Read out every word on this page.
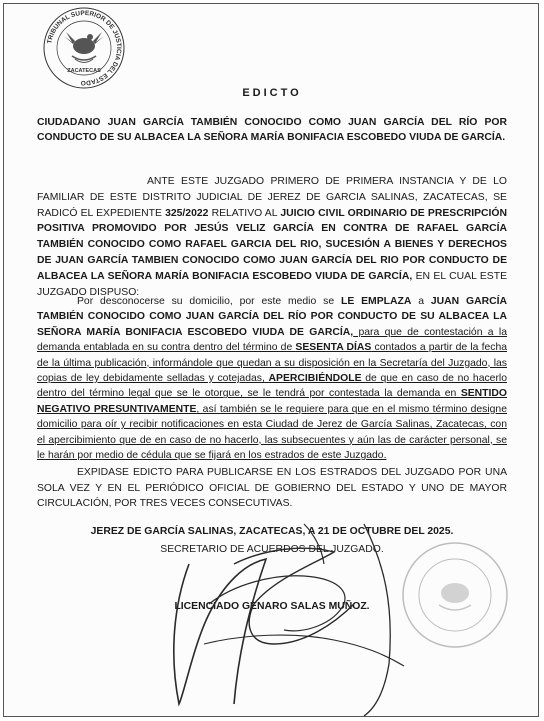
TRIBUNAL SUPERIOR DE JUSTICIA DEL ESTADO
ZACATECAS
EDICTO
CIUDADANO JUAN GARCÍA TAMBIÉN CONOCIDO COMO JUAN GARCÍA DEL RÍO POR CONDUCTO DE SU ALBACEA LA SEÑORA MARÍA BONIFACIA ESCOBEDO VIUDA DE GARCÍA.
ANTE ESTE JUZGADO PRIMERO DE PRIMERA INSTANCIA Y DE LO FAMILIAR DE ESTE DISTRITO JUDICIAL DE JEREZ DE GARCIA SALINAS, ZACATECAS, SE RADICÓ EL EXPEDIENTE 325/2022 RELATIVO AL JUICIO CIVIL ORDINARIO DE PRESCRIPCIÓN POSITIVA PROMOVIDO POR JESÚS VELIZ GARCÍA EN CONTRA DE RAFAEL GARCÍA TAMBIÉN CONOCIDO COMO RAFAEL GARCIA DEL RIO, SUCESIÓN A BIENES Y DERECHOS DE JUAN GARCÍA TAMBIEN CONOCIDO COMO JUAN GARCÍA DEL RIO POR CONDUCTO DE ALBACEA LA SEÑORA MARÍA BONIFACIA ESCOBEDO VIUDA DE GARCÍA, EN EL CUAL ESTE JUZGADO DISPUSO:
Por desconocerse su domicilio, por este medio se LE EMPLAZA a JUAN GARCÍA TAMBIÉN CONOCIDO COMO JUAN GARCÍA DEL RÍO POR CONDUCTO DE SU ALBACEA LA SEÑORA MARÍA BONIFACIA ESCOBEDO VIUDA DE GARCÍA, para que de contestación a la demanda entablada en su contra dentro del término de SESENTA DÍAS contados a partir de la fecha de la última publicación, informándole que quedan a su disposición en la Secretaría del Juzgado, las copias de ley debidamente selladas y cotejadas, APERCIBIÉNDOLE de que en caso de no hacerlo dentro del término legal que se le otorgue, se le tendrá por contestada la demanda en SENTIDO NEGATIVO PRESUNTIVAMENTE, así también se le requiere para que en el mismo término designe domicilio para oír y recibir notificaciones en esta Ciudad de Jerez de García Salinas, Zacatecas, con el apercibimiento que de en caso de no hacerlo, las subsecuentes y aún las de carácter personal, se le harán por medio de cédula que se fijará en los estrados de este Juzgado.
EXPIDASE EDICTO PARA PUBLICARSE EN LOS ESTRADOS DEL JUZGADO POR UNA SOLA VEZ Y EN EL PERIÓDICO OFICIAL DE GOBIERNO DEL ESTADO Y UNO DE MAYOR CIRCULACIÓN, POR TRES VECES CONSECUTIVAS.
JEREZ DE GARCÍA SALINAS, ZACATECAS, A 21 DE OCTUBRE DEL 2025.
SECRETARIO DE ACUERDOS DEL JUZGADO.
LICENCIADO GENARO SALAS MUÑOZ.
